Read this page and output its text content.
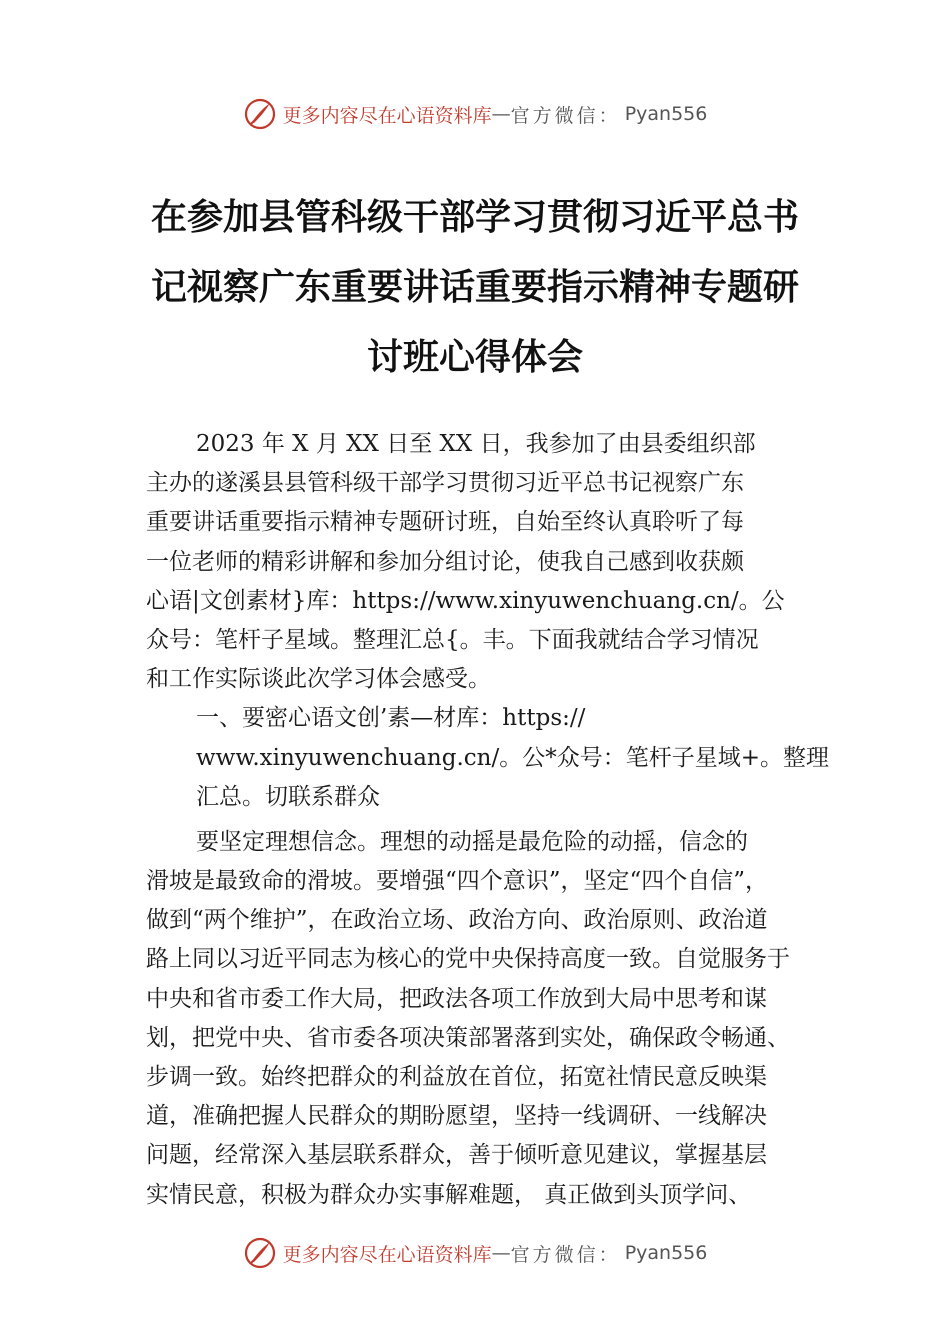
更多内容尽在心语资料库 — 官方微信： Pyan556
在参加县管科级干部学习贯彻习近平总书
记视察广东重要讲话重要指示精神专题研
讨班心得体会
2023 年 X 月 XX 日至 XX 日，我参加了由县委组织部
主办的遂溪县县管科级干部学习贯彻习近平总书记视察广东
重要讲话重要指示精神专题研讨班，自始至终认真聆听了每
一位老师的精彩讲解和参加分组讨论，使我自己感到收获颇
心语|文创素材}库：https://www.xinyuwenchuang.cn/。公
众号：笔杆子星域。整理汇总{。丰。下面我就结合学习情况
和工作实际谈此次学习体会感受。
一、要密心语文创’素—材库：https://
www.xinyuwenchuang.cn/。公*众号：笔杆子星域+。整理
汇总。切联系群众
要坚定理想信念。理想的动摇是最危险的动摇，信念的
滑坡是最致命的滑坡。要增强“四个意识”，坚定“四个自信”，
做到“两个维护”，在政治立场、政治方向、政治原则、政治道
路上同以习近平同志为核心的党中央保持高度一致。自觉服务于
中央和省市委工作大局，把政法各项工作放到大局中思考和谋
划，把党中央、省市委各项决策部署落到实处，确保政令畅通、
步调一致。始终把群众的利益放在首位，拓宽社情民意反映渠
道，准确把握人民群众的期盼愿望，坚持一线调研、一线解决
问题，经常深入基层联系群众，善于倾听意见建议，掌握基层
实情民意，积极为群众办实事解难题， 真正做到头顶学问、
更多内容尽在心语资料库 — 官方微信： Pyan556
